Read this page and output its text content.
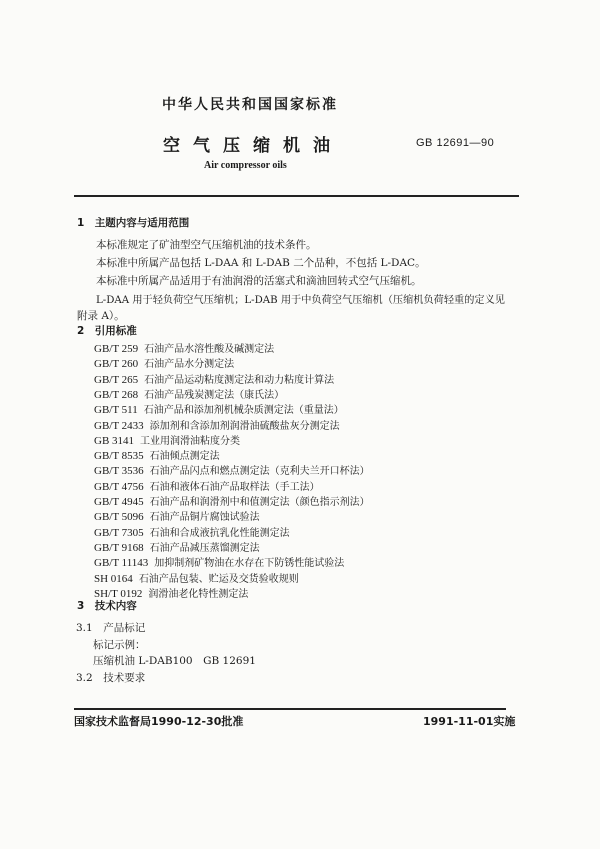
中华人民共和国国家标准
空气压缩机油	GB 12691—90
Air compressor oils
1　主题内容与适用范围
本标准规定了矿油型空气压缩机油的技术条件。
本标准中所属产品包括 L-DAA 和 L-DAB 二个品种，不包括 L-DAC。
本标准中所属产品适用于有油润滑的活塞式和滴油回转式空气压缩机。
L-DAA 用于轻负荷空气压缩机；L-DAB 用于中负荷空气压缩机（压缩机负荷轻重的定义见
附录 A）。
2　引用标准
GB/T 259 石油产品水溶性酸及碱测定法
GB/T 260 石油产品水分测定法
GB/T 265 石油产品运动粘度测定法和动力粘度计算法
GB/T 268 石油产品残炭测定法（康氏法）
GB/T 511 石油产品和添加剂机械杂质测定法（重量法）
GB/T 2433 添加剂和含添加剂润滑油硫酸盐灰分测定法
GB 3141 工业用润滑油粘度分类
GB/T 8535 石油倾点测定法
GB/T 3536 石油产品闪点和燃点测定法（克利夫兰开口杯法）
GB/T 4756 石油和液体石油产品取样法（手工法）
GB/T 4945 石油产品和润滑剂中和值测定法（颜色指示剂法）
GB/T 5096 石油产品铜片腐蚀试验法
GB/T 7305 石油和合成液抗乳化性能测定法
GB/T 9168 石油产品减压蒸馏测定法
GB/T 11143 加抑制剂矿物油在水存在下防锈性能试验法
SH 0164 石油产品包装、贮运及交货验收规则
SH/T 0192 润滑油老化特性测定法
3　技术内容
3.1　产品标记
标记示例：
压缩机油 L-DAB100　GB 12691
3.2　技术要求
国家技术监督局1990-12-30批准	1991-11-01实施
